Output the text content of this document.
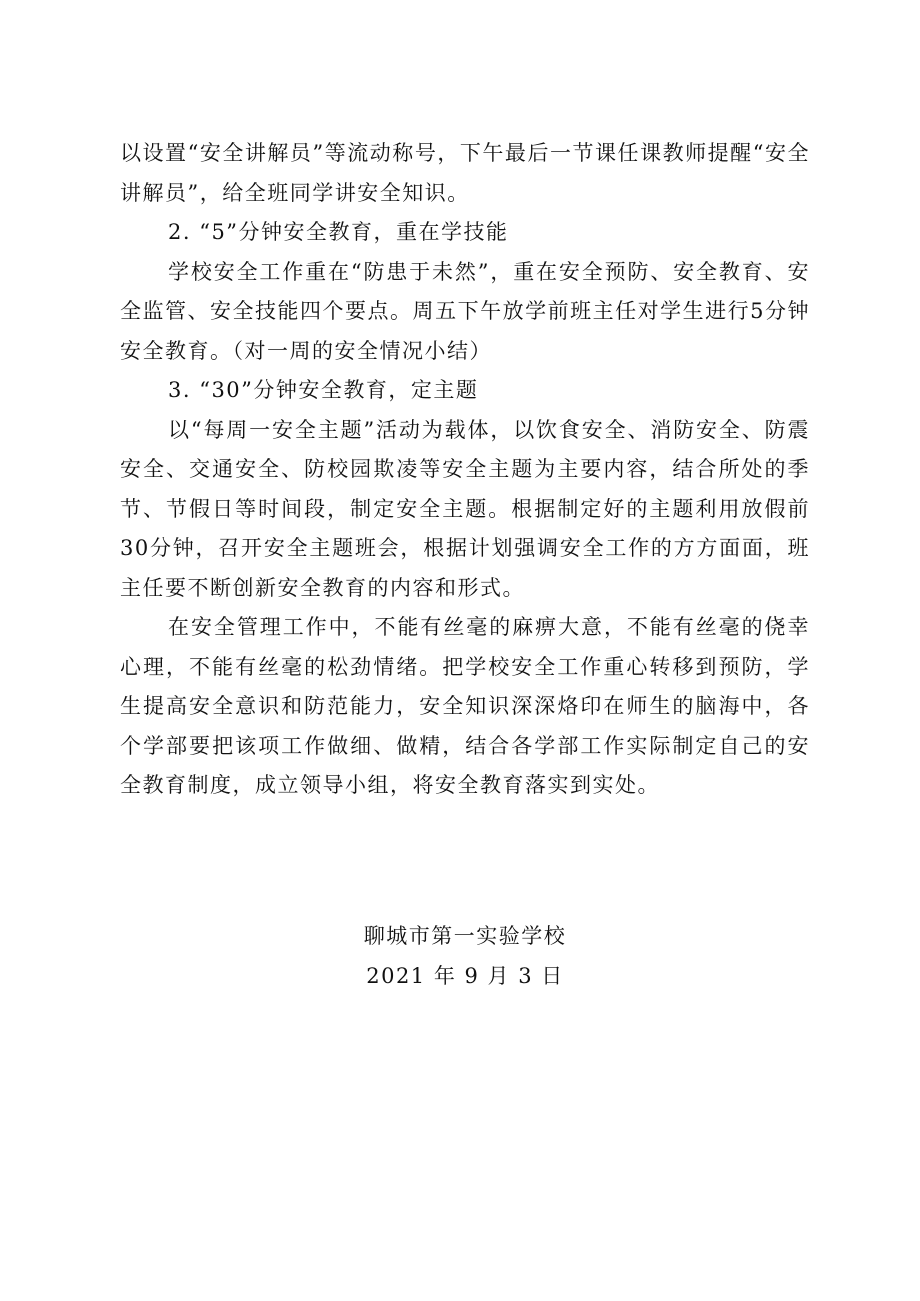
以设置“安全讲解员”等流动称号，下午最后一节课任课教师提醒“安全讲解员”，给全班同学讲安全知识。

2. “5”分钟安全教育，重在学技能

学校安全工作重在“防患于未然”，重在安全预防、安全教育、安全监管、安全技能四个要点。周五下午放学前班主任对学生进行5分钟安全教育。（对一周的安全情况小结）

3. “30”分钟安全教育，定主题

以“每周一安全主题”活动为载体，以饮食安全、消防安全、防震安全、交通安全、防校园欺凌等安全主题为主要内容，结合所处的季节、节假日等时间段，制定安全主题。根据制定好的主题利用放假前30分钟，召开安全主题班会，根据计划强调安全工作的方方面面，班主任要不断创新安全教育的内容和形式。

在安全管理工作中，不能有丝毫的麻痹大意，不能有丝毫的侥幸心理，不能有丝毫的松劲情绪。把学校安全工作重心转移到预防，学生提高安全意识和防范能力，安全知识深深烙印在师生的脑海中，各个学部要把该项工作做细、做精，结合各学部工作实际制定自己的安全教育制度，成立领导小组，将安全教育落实到实处。

聊城市第一实验学校
2021 年 9 月 3 日
